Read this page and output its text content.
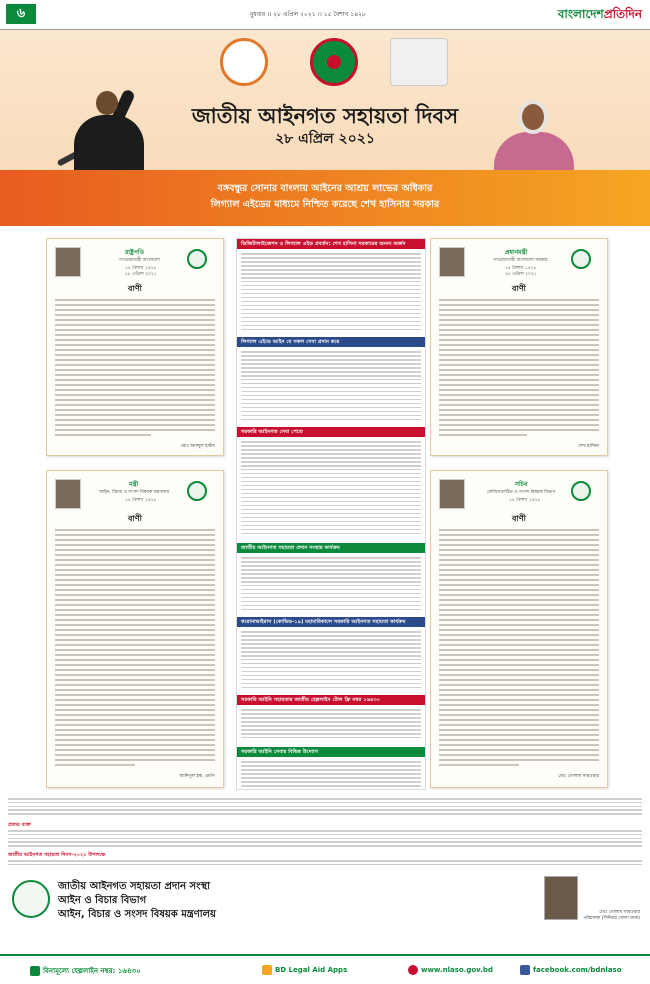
৬	বুধবার ।। ২৮ এপ্রিল ২০২১ ।। ১৫ বৈশাখ ১৪২৮	বাংলাদেশপ্রতিদিন
জাতীয় আইনগত সহায়তা দিবস
২৮ এপ্রিল ২০২১
বঙ্গবন্ধুর সোনার বাংলায় আইনের আশ্রয় লাভের অধিকার
লিগ্যাল এইডের মাধ্যমে নিশ্চিত করেছে শেখ হাসিনার সরকার
রাষ্ট্রপতি
গণপ্রজাতন্ত্রী বাংলাদেশ
১৫ বৈশাখ ১৪২৮
২৮ এপ্রিল ২০২১
বাণী
মোঃ আবদুল হামিদ
প্রধানমন্ত্রী
গণপ্রজাতন্ত্রী বাংলাদেশ সরকার
১৫ বৈশাখ ১৪২৮
২৮ এপ্রিল ২০২১
বাণী
শেখ হাসিনা
মন্ত্রী
আইন, বিচার ও সংসদ বিষয়ক মন্ত্রণালয়
১৫ বৈশাখ ১৪২৮
বাণী
আনিসুল হক, এমপি
সচিব
লেজিসলেটিভ ও সংসদ বিষয়ক বিভাগ
১৫ বৈশাখ ১৪২৮
বাণী
মোঃ গোলাম সারওয়ার
ডিজিটালাইজেশন ও লিগ্যাল এইড প্রবর্তন: শেখ হাসিনা সরকারের অনন্য অর্জন
লিগ্যাল এইডে আইন যে সকল সেবা প্রদান করে
সরকারি আইনগত সেবা পেতে
জাতীয় আইনগত সহায়তা প্রদান সংস্থার কার্যক্রম
করোনাভাইরাস (কোভিড-১৯) মহামারিকালে সরকারি আইনগত সহায়তা কার্যক্রম
সরকারি আইনি সহায়তার জাতীয় হেল্পলাইন টোল ফ্রি নম্বর ১৬৪৩০
সরকারি আইনি সেবার বিভিন্ন উদ্যোগ
প্রত্যয় ব্যক্ত
জাতীয় আইনগত সহায়তা দিবস-২০২১ উপলক্ষে
জাতীয় আইনগত সহায়তা প্রদান সংস্থা
আইন ও বিচার বিভাগ
আইন, বিচার ও সংসদ বিষয়ক মন্ত্রণালয়	মোঃ গোলাম সারওয়ার
পরিচালক (সিনিয়র জেলা জজ)
বিনামূল্যে হেল্পলাইন নম্বর: ১৬৪৩০	BD Legal Aid Apps	www.nlaso.gov.bd	facebook.com/bdnlaso
